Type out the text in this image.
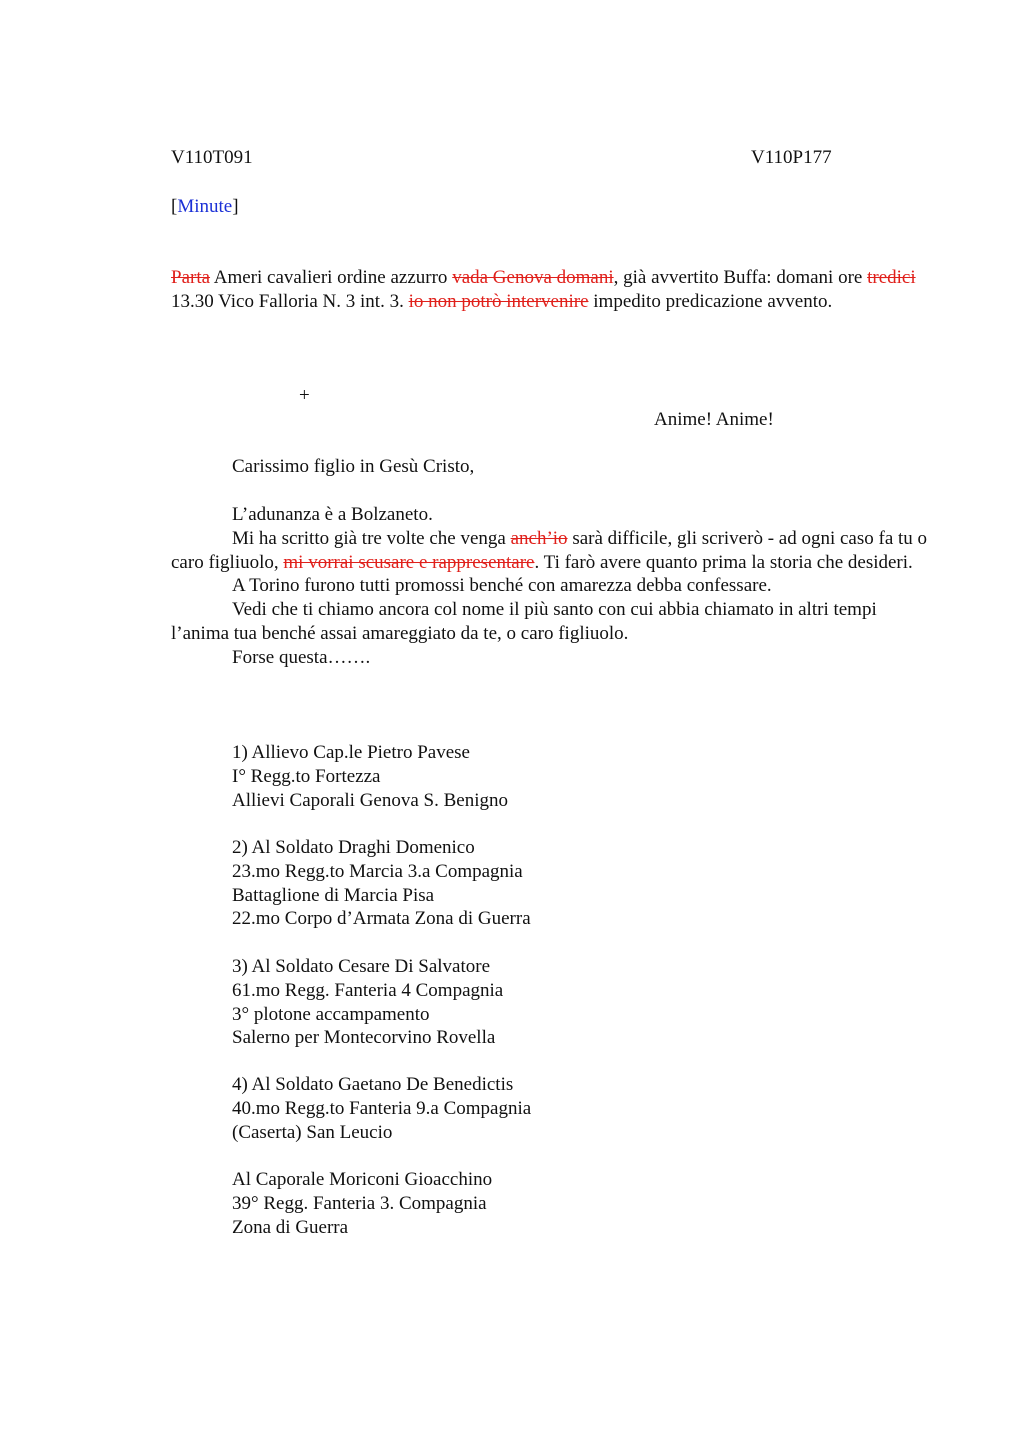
V110T091	V110P177
[Minute]
Parta Ameri cavalieri ordine azzurro vada Genova domani, già avvertito Buffa: domani ore tredici 13.30 Vico Falloria N. 3 int. 3. io non potrò intervenire impedito predicazione avvento.
+
Anime! Anime!
Carissimo figlio in Gesù Cristo,

L’adunanza è a Bolzaneto.

Mi ha scritto già tre volte che venga anch’io sarà difficile, gli scriverò - ad ogni caso fa tu o caro figliuolo, mi vorrai scusare e rappresentare. Ti farò avere quanto prima la storia che desideri.

A Torino furono tutti promossi benché con amarezza debba confessare.

Vedi che ti chiamo ancora col nome il più santo con cui abbia chiamato in altri tempi l’anima tua benché assai amareggiato da te, o caro figliuolo.

Forse questa…….

1) Allievo Cap.le Pietro Pavese
I° Regg.to Fortezza
Allievi Caporali Genova S. Benigno
2) Al Soldato Draghi Domenico
23.mo Regg.to Marcia 3.a Compagnia
Battaglione di Marcia Pisa
22.mo Corpo d’Armata Zona di Guerra
3) Al Soldato Cesare Di Salvatore
61.mo Regg. Fanteria 4 Compagnia
3° plotone accampamento
Salerno per Montecorvino Rovella
4) Al Soldato Gaetano De Benedictis
40.mo Regg.to Fanteria 9.a Compagnia
(Caserta) San Leucio
Al Caporale Moriconi Gioacchino
39° Regg. Fanteria 3. Compagnia
Zona di Guerra
